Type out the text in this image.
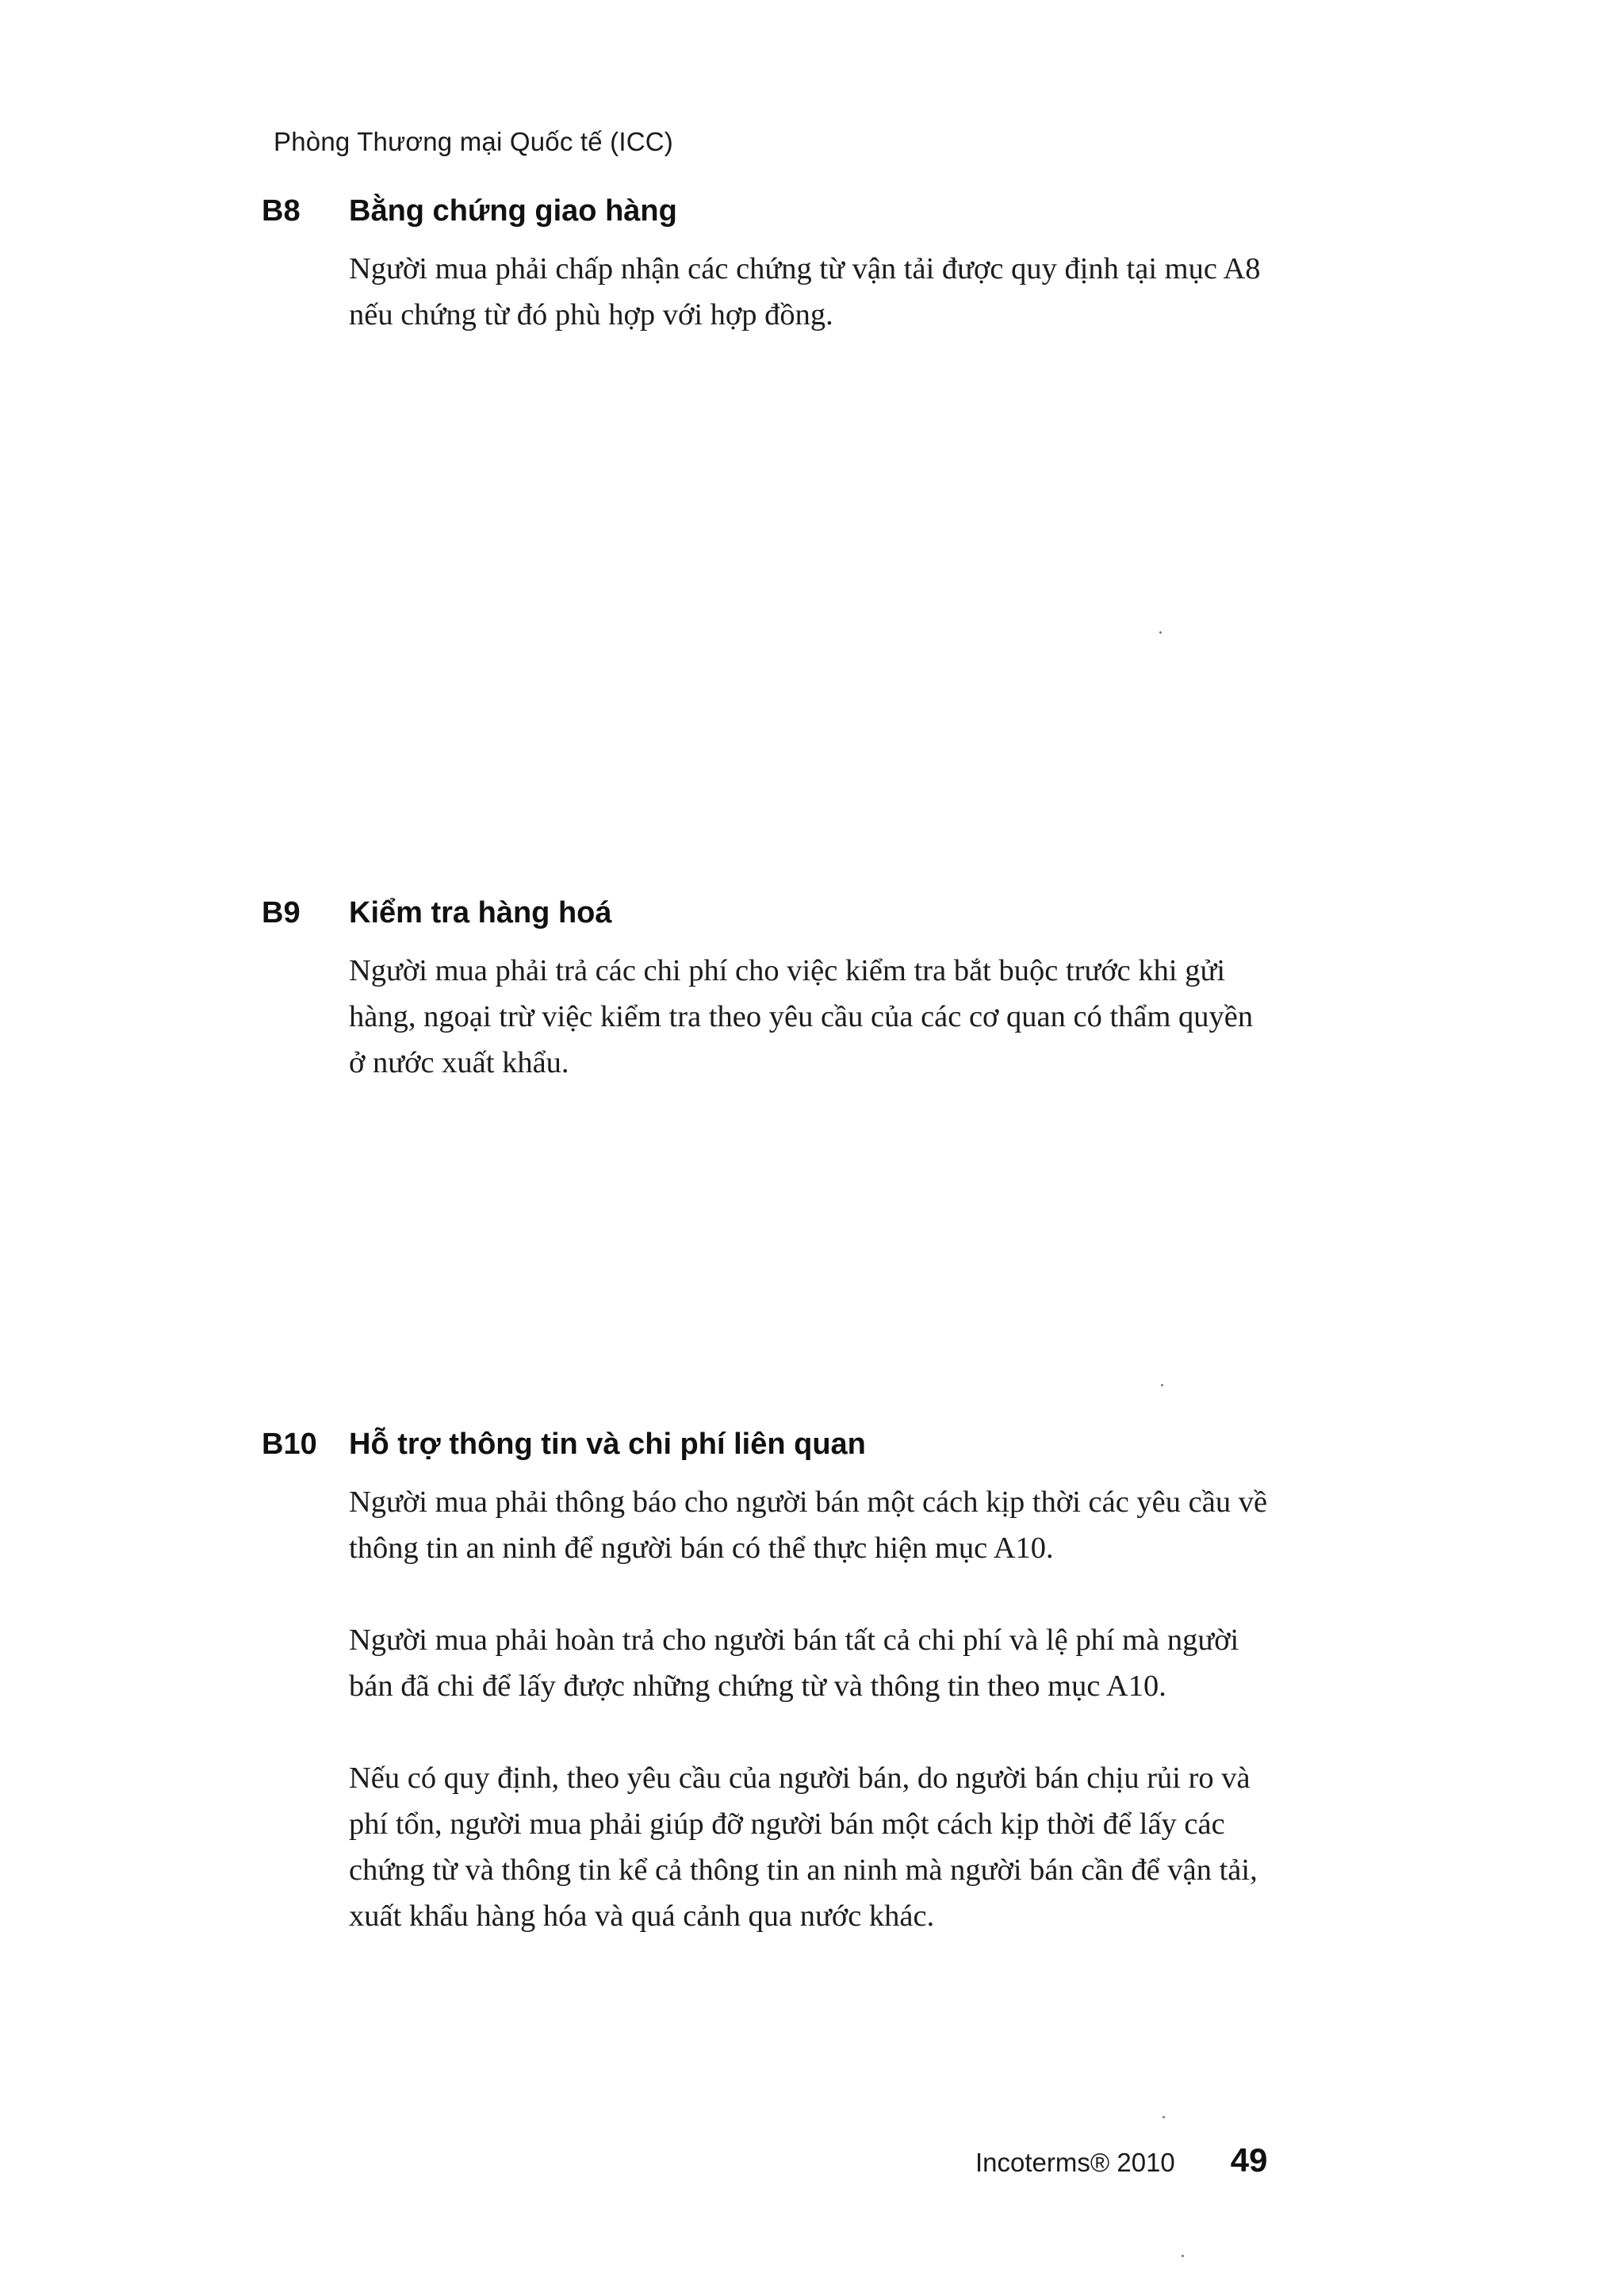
Phòng Thương mại Quốc tế (ICC)
B8	Bằng chứng giao hàng

Người mua phải chấp nhận các chứng từ vận tải được quy định tại mục A8 nếu chứng từ đó phù hợp với hợp đồng.

B9	Kiểm tra hàng hoá

Người mua phải trả các chi phí cho việc kiểm tra bắt buộc trước khi gửi hàng, ngoại trừ việc kiểm tra theo yêu cầu của các cơ quan có thẩm quyền ở nước xuất khẩu.

B10	Hỗ trợ thông tin và chi phí liên quan

Người mua phải thông báo cho người bán một cách kịp thời các yêu cầu về thông tin an ninh để người bán có thể thực hiện mục A10.

Người mua phải hoàn trả cho người bán tất cả chi phí và lệ phí mà người bán đã chi để lấy được những chứng từ và thông tin theo mục A10.

Nếu có quy định, theo yêu cầu của người bán, do người bán chịu rủi ro và phí tổn, người mua phải giúp đỡ người bán một cách kịp thời để lấy các chứng từ và thông tin kể cả thông tin an ninh mà người bán cần để vận tải, xuất khẩu hàng hóa và quá cảnh qua nước khác.

Incoterms® 2010 49
